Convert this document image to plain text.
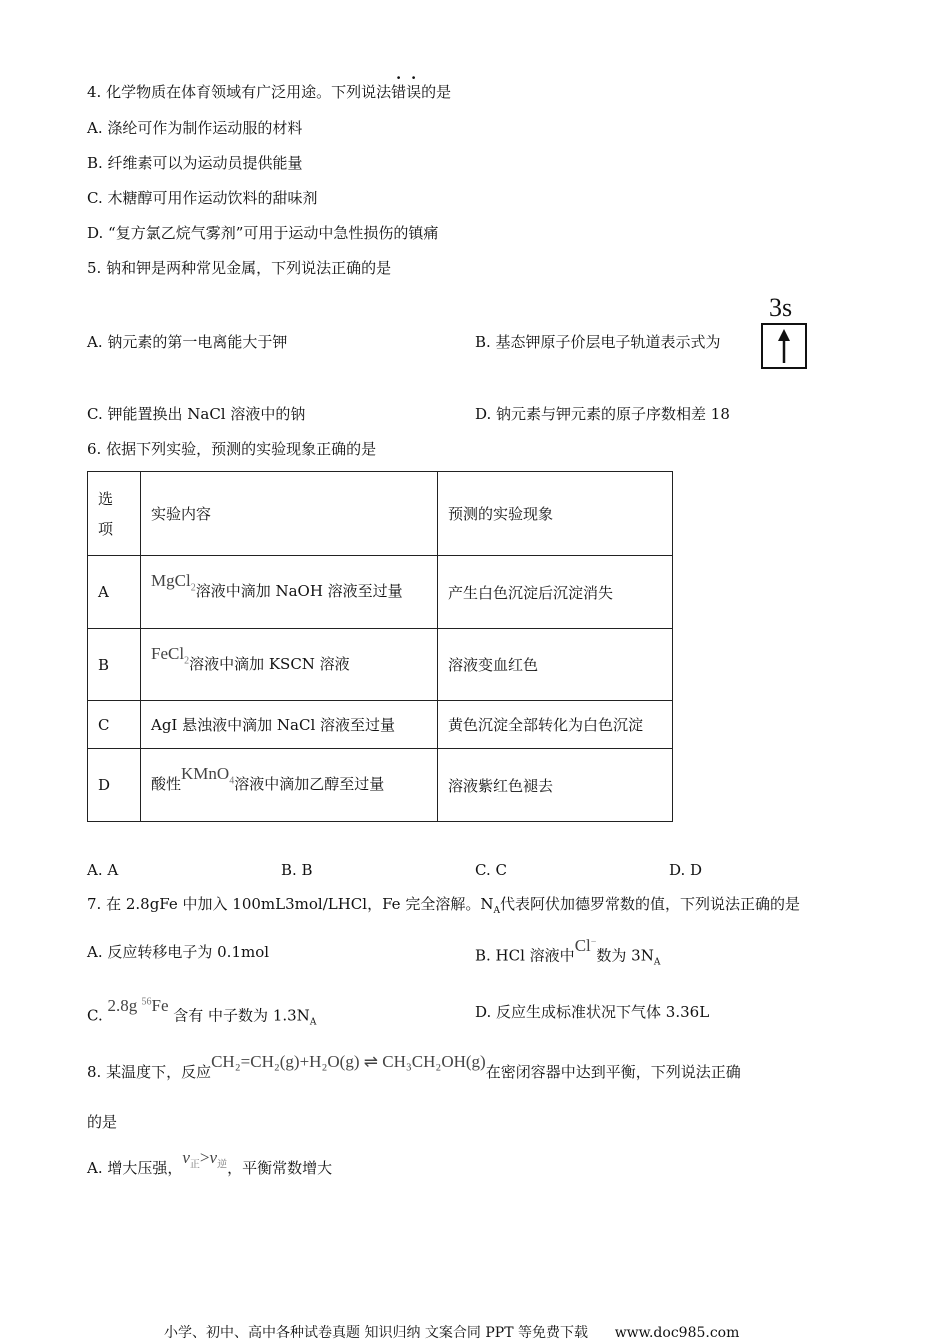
4. 化学物质在体育领域有广泛用途。下列说法错误的是
A. 涤纶可作为制作运动服的材料
B. 纤维素可以为运动员提供能量
C. 木糖醇可用作运动饮料的甜味剂
D. “复方氯乙烷气雾剂”可用于运动中急性损伤的镇痛
5. 钠和钾是两种常见金属，下列说法正确的是
A. 钠元素的第一电离能大于钾	B. 基态钾原子价层电子轨道表示式为
3s
C. 钾能置换出 NaCl 溶液中的钠	D. 钠元素与钾元素的原子序数相差 18
6. 依据下列实验，预测的实验现象正确的是
选
项	实验内容	预测的实验现象
A	MgCl$_2$溶液中滴加 NaOH 溶液至过量	产生白色沉淀后沉淀消失
B	FeCl$_2$溶液中滴加 KSCN 溶液	溶液变血红色
C	AgI 悬浊液中滴加 NaCl 溶液至过量	黄色沉淀全部转化为白色沉淀
D	酸性KMnO$_4$溶液中滴加乙醇至过量	溶液紫红色褪去
A. A	B. B	C. C	D. D
7. 在 2.8gFe 中加入 100mL3mol/LHCl，Fe 完全溶解。$N_A$代表阿伏加德罗常数的值，下列说法正确的是
A. 反应转移电子为 0.1mol	B. HCl 溶液中Cl−数为 $3N_A$
C. 2.8g $^{56}$Fe 含有 中子数为 $1.3N_A$
D. 反应生成标准状况下气体 3.36L
8. 某温度下，反应CH₂=CH₂(g)+H₂O(g) ⇌ CH₃CH₂OH(g)在密闭容器中达到平衡，下列说法正确
的是
A. 增大压强，$v_正>v_逆$，平衡常数增大
小学、初中、高中各种试卷真题 知识归纳 文案合同 PPT 等免费下载 www.doc985.com
